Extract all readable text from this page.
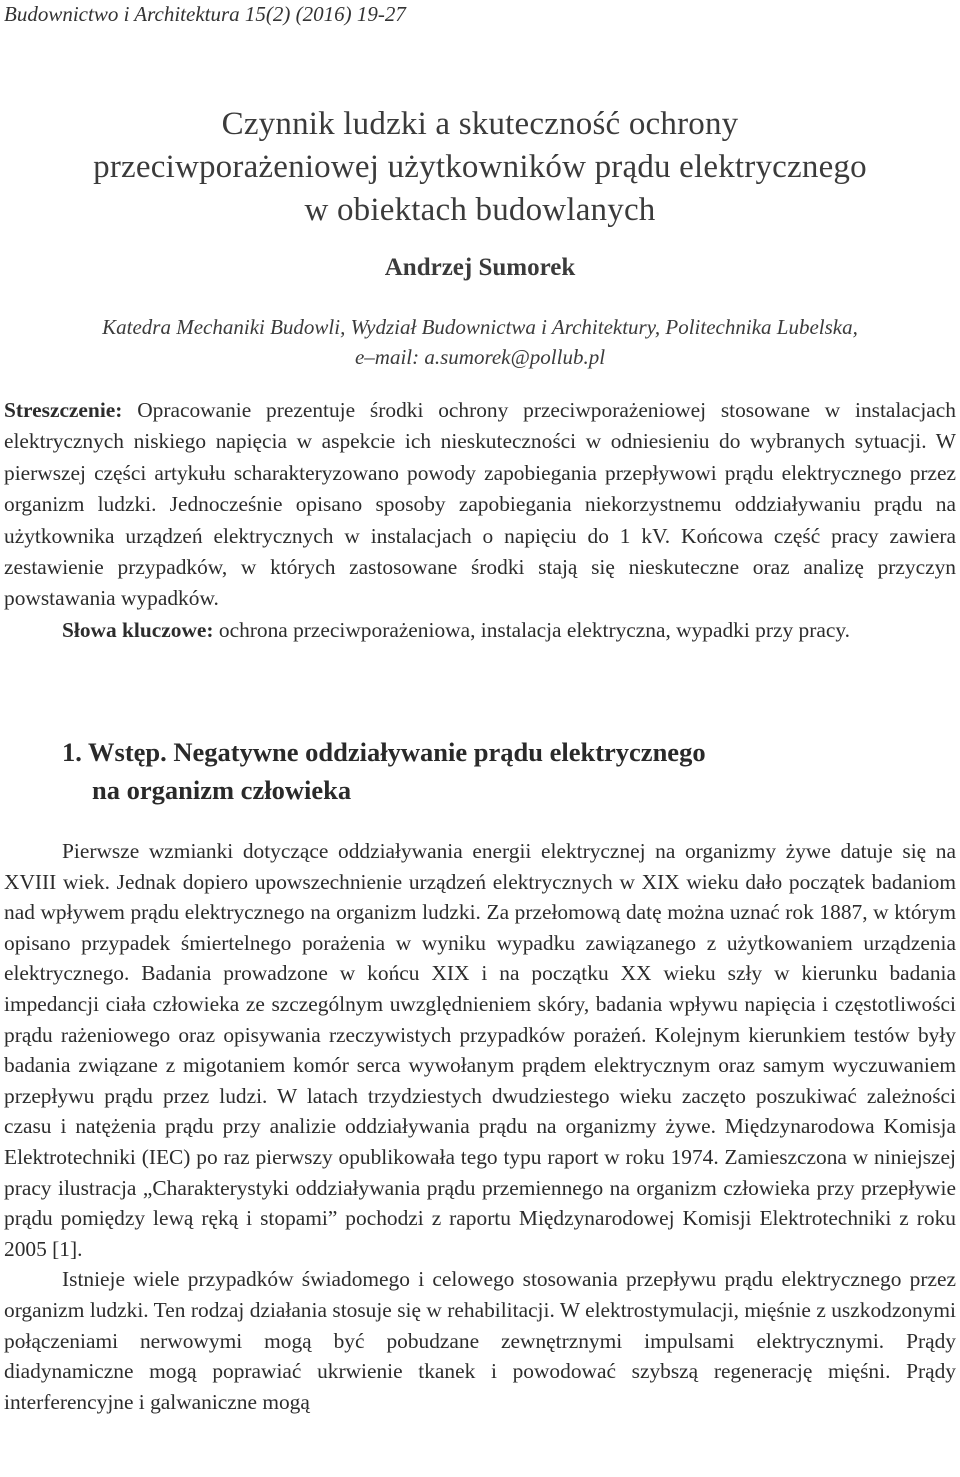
Budownictwo i Architektura 15(2) (2016) 19-27
Czynnik ludzki a skuteczność ochrony
przeciwporażeniowej użytkowników prądu elektrycznego
w obiektach budowlanych
Andrzej Sumorek
Katedra Mechaniki Budowli, Wydział Budownictwa i Architektury, Politechnika Lubelska,
e–mail: a.sumorek@pollub.pl

Streszczenie: Opracowanie prezentuje środki ochrony przeciwporażeniowej stosowane w instalacjach elektrycznych niskiego napięcia w aspekcie ich nieskuteczności w odniesieniu do wybranych sytuacji. W pierwszej części artykułu scharakteryzowano powody zapobiegania przepływowi prądu elektrycznego przez organizm ludzki. Jednocześnie opisano sposoby zapobiegania niekorzystnemu oddziaływaniu prądu na użytkownika urządzeń elektrycznych w instalacjach o napięciu do 1 kV. Końcowa część pracy zawiera zestawienie przypadków, w których zastosowane środki stają się nieskuteczne oraz analizę przyczyn powstawania wypadków.

Słowa kluczowe: ochrona przeciwporażeniowa, instalacja elektryczna, wypadki przy pracy.

1. Wstęp. Negatywne oddziaływanie prądu elektrycznego
na organizm człowieka

Pierwsze wzmianki dotyczące oddziaływania energii elektrycznej na organizmy żywe datuje się na XVIII wiek. Jednak dopiero upowszechnienie urządzeń elektrycznych w XIX wieku dało początek badaniom nad wpływem prądu elektrycznego na organizm ludzki. Za przełomową datę można uznać rok 1887, w którym opisano przypadek śmiertelnego porażenia w wyniku wypadku zawiązanego z użytkowaniem urządzenia elektrycznego. Badania prowadzone w końcu XIX i na początku XX wieku szły w kierunku badania impedancji ciała człowieka ze szczególnym uwzględnieniem skóry, badania wpływu napięcia i częstotliwości prądu rażeniowego oraz opisywania rzeczywistych przypadków porażeń. Kolejnym kierunkiem testów były badania związane z migotaniem komór serca wywołanym prądem elektrycznym oraz samym wyczuwaniem przepływu prądu przez ludzi. W latach trzydziestych dwudziestego wieku zaczęto poszukiwać zależności czasu i natężenia prądu przy analizie oddziaływania prądu na organizmy żywe. Międzynarodowa Komisja Elektrotechniki (IEC) po raz pierwszy opublikowała tego typu raport w roku 1974. Zamieszczona w niniejszej pracy ilustracja „Charakterystyki oddziaływania prądu przemiennego na organizm człowieka przy przepływie prądu pomiędzy lewą ręką i stopami” pochodzi z raportu Międzynarodowej Komisji Elektrotechniki z roku 2005 [1].

Istnieje wiele przypadków świadomego i celowego stosowania przepływu prądu elektrycznego przez organizm ludzki. Ten rodzaj działania stosuje się w rehabilitacji. W elektrostymulacji, mięśnie z uszkodzonymi połączeniami nerwowymi mogą być pobudzane zewnętrznymi impulsami elektrycznymi. Prądy diadynamiczne mogą poprawiać ukrwienie tkanek i powodować szybszą regenerację mięśni. Prądy interferencyjne i galwaniczne mogą
